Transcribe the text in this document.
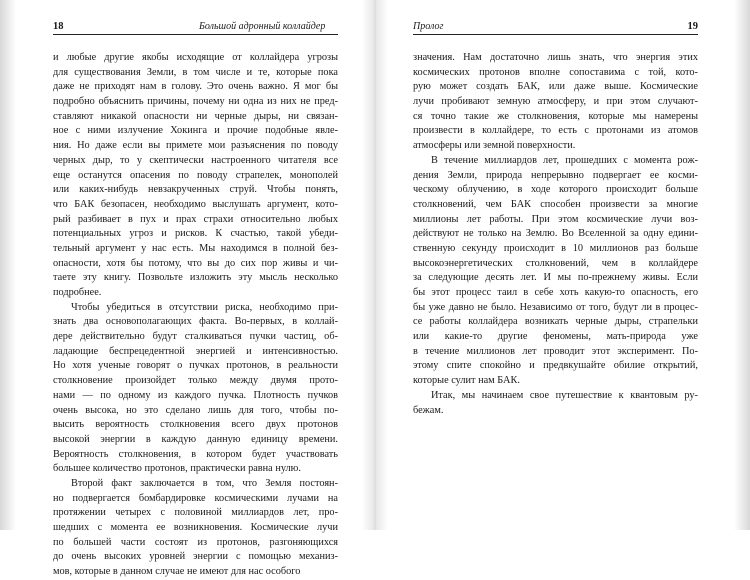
18	Большой адронный коллайдер
и любые другие якобы исходящие от коллайдера угрозы
для существования Земли, в том числе и те, которые пока
даже не приходят нам в голову. Это очень важно. Я мог бы
подробно объяснить причины, почему ни одна из них не пред-
ставляют никакой опасности ни черные дыры, ни связан-
ное с ними излучение Хокинга и прочие подобные явле-
ния. Но даже если вы примете мои разъяснения по поводу
черных дыр, то у скептически настроенного читателя все
еще останутся опасения по поводу страпелек, монополей
или каких-нибудь невзакрученных струй. Чтобы понять,
что БАК безопасен, необходимо выслушать аргумент, кото-
рый разбивает в пух и прах страхи относительно любых
потенциальных угроз и рисков. К счастью, такой убеди-
тельный аргумент у нас есть. Мы находимся в полной без-
опасности, хотя бы потому, что вы до сих пор живы и чи-
таете эту книгу. Позвольте изложить эту мысль несколько
подробнее.
Чтобы убедиться в отсутствии риска, необходимо при-
знать два основополагающих факта. Во-первых, в коллай-
дере действительно будут сталкиваться пучки частиц, об-
ладающие беспрецедентной энергией и интенсивностью.
Но хотя ученые говорят о пучках протонов, в реальности
столкновение произойдет только между двумя прото-
нами — по одному из каждого пучка. Плотность пучков
очень высока, но это сделано лишь для того, чтобы по-
высить вероятность столкновения всего двух протонов
высокой энергии в каждую данную единицу времени.
Вероятность столкновения, в котором будет участвовать
большее количество протонов, практически равна нулю.
Второй факт заключается в том, что Земля постоян-
но подвергается бомбардировке космическими лучами на
протяжении четырех с половиной миллиардов лет, про-
шедших с момента ее возникновения. Космические лучи
по большей части состоят из протонов, разгоняющихся
до очень высоких уровней энергии с помощью механиз-
мов, которые в данном случае не имеют для нас особого
Пролог	19
значения. Нам достаточно лишь знать, что энергия этих
космических протонов вполне сопоставима с той, кото-
рую может создать БАК, или даже выше. Космические
лучи пробивают земную атмосферу, и при этом случают-
ся точно такие же столкновения, которые мы намерены
произвести в коллайдере, то есть с протонами из атомов
атмосферы или земной поверхности.
В течение миллиардов лет, прошедших с момента рож-
дения Земли, природа непрерывно подвергает ее косми-
ческому облучению, в ходе которого происходит больше
столкновений, чем БАК способен произвести за многие
миллионы лет работы. При этом космические лучи воз-
действуют не только на Землю. Во Вселенной за одну едини-
ственную секунду происходит в 10 миллионов раз больше
высокоэнергетических столкновений, чем в коллайдере
за следующие десять лет. И мы по-прежнему живы. Если
бы этот процесс таил в себе хоть какую-то опасность, его
бы уже давно не было. Независимо от того, будут ли в процес-
се работы коллайдера возникать черные дыры, страпельки
или какие-то другие феномены, мать-природа уже
в течение миллионов лет проводит этот эксперимент. По-
этому спите спокойно и предвкушайте обилие открытий,
которые сулит нам БАК.
Итак, мы начинаем свое путешествие к квантовым ру-
бежам.
